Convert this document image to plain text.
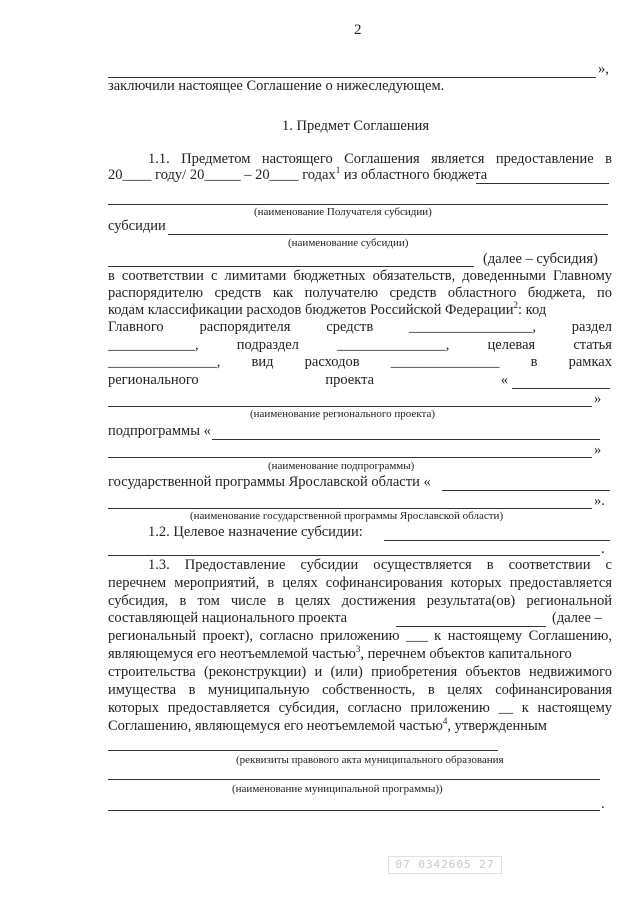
2
»,
заключили настоящее Соглашение о нижеследующем.
1. Предмет Соглашения
1.1. Предметом настоящего Соглашения является предоставление в
20____ году/ 20_____ – 20____ годах$^1$ из областного бюджета
(наименование Получателя субсидии)
субсидии
(наименование субсидии)
(далее – субсидия)
в соответствии с лимитами бюджетных обязательств, доведенными Главному
распорядителю средств как получателю средств областного бюджета, по
кодам классификации расходов бюджетов Российской Федерации$^2$: код
Главного распорядителя средств _________________, раздел
____________,	подраздел	_______________,	целевая	статья
_______________, вид расходов _______________ в рамках
регионального	проекта	«
»
(наименование регионального проекта)
подпрограммы «
»
(наименование подпрограммы)
государственной программы Ярославской области «
».
(наименование государственной программы Ярославской области)
1.2. Целевое назначение субсидии:
.
1.3. Предоставление субсидии осуществляется в соответствии с
перечнем мероприятий, в целях софинансирования которых предоставляется
субсидия, в том числе в целях достижения результата(ов) региональной
составляющей национального проекта	(далее –
региональный проект), согласно приложению ___ к настоящему Соглашению,
являющемуся его неотъемлемой частью$^3$, перечнем объектов капитального
строительства (реконструкции) и (или) приобретения объектов недвижимого
имущества в муниципальную собственность, в целях софинансирования
которых предоставляется субсидия, согласно приложению __ к настоящему
Соглашению, являющемуся его неотъемлемой частью$^4$, утвержденным
(реквизиты правового акта муниципального образования
(наименование муниципальной программы))
.
07 0342605 27
